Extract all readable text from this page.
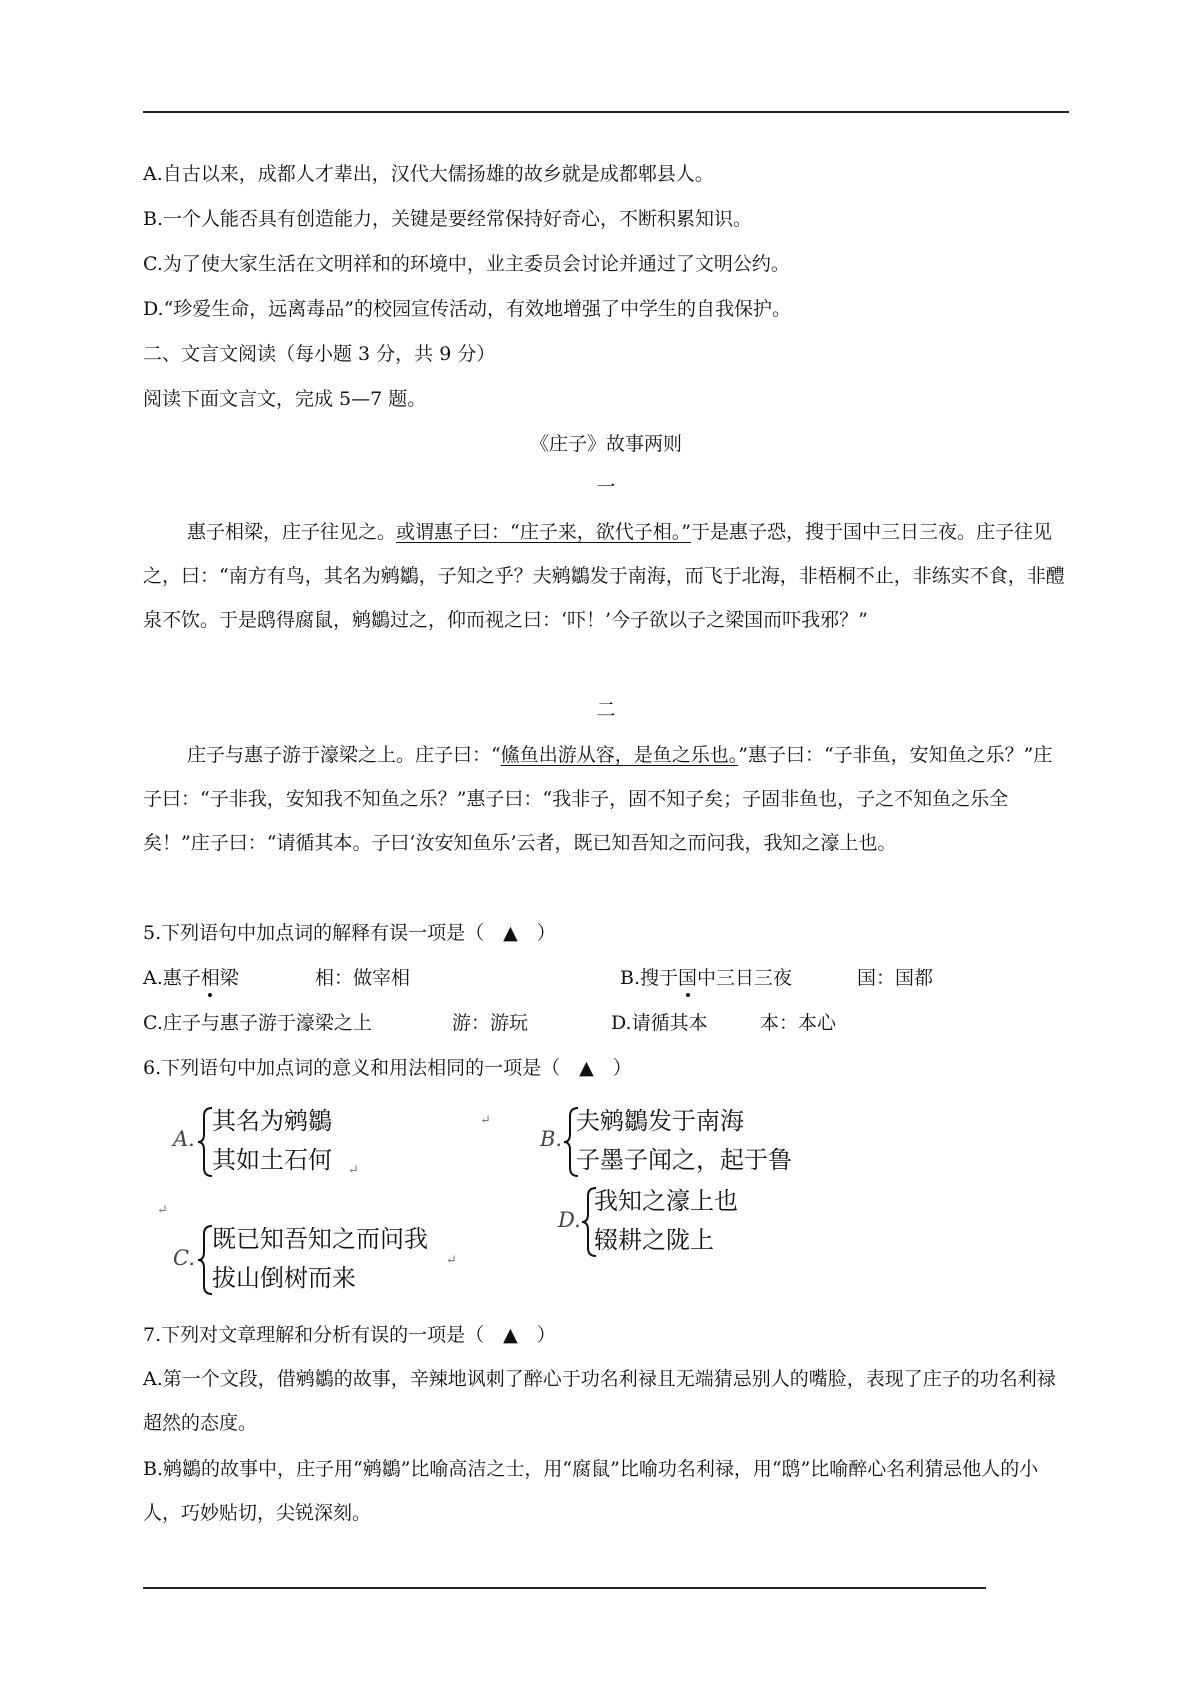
A.自古以来，成都人才辈出，汉代大儒扬雄的故乡就是成都郫县人。
B.一个人能否具有创造能力，关键是要经常保持好奇心，不断积累知识。
C.为了使大家生活在文明祥和的环境中，业主委员会讨论并通过了文明公约。
D.“珍爱生命，远离毒品”的校园宣传活动，有效地增强了中学生的自我保护。
二、文言文阅读（每小题 3 分，共 9 分）
阅读下面文言文，完成 5—7 题。
《庄子》故事两则
一
惠子相梁，庄子往见之。或谓惠子曰：“庄子来，欲代子相。”于是惠子恐，搜于国中三日三夜。庄子往见之，曰：“南方有鸟，其名为鹓鶵，子知之乎？夫鹓鶵发于南海，而飞于北海，非梧桐不止，非练实不食，非醴泉不饮。于是鸱得腐鼠，鹓鶵过之，仰而视之曰：‘吓！’今子欲以子之梁国而吓我邪？”
二
庄子与惠子游于濠梁之上。庄子曰：“鯈鱼出游从容，是鱼之乐也。”惠子曰：“子非鱼，安知鱼之乐？”庄子曰：“子非我，安知我不知鱼之乐？”惠子曰：“我非子，固不知子矣；子固非鱼也，子之不知鱼之乐全矣！”庄子曰：“请循其本。子曰‘汝安知鱼乐’云者，既已知吾知之而问我，我知之濠上也。
5.下列语句中加点词的解释有误一项是（　▲　）
A.惠子相梁	相：做宰相	B.搜于国中三日三夜	国：国都
C.庄子与惠子游于濠梁之上	游：游玩	D.请循其本	本：本心
6.下列语句中加点词的意义和用法相同的一项是（　▲　）
A.
其名为鹓鶵
其如土石何
↵
↵
B.
夫鹓鶵发于南海
子墨子闻之，起于鲁
↵
C.
既已知吾知之而问我
拔山倒树而来
↵
D.
我知之濠上也
辍耕之陇上
7.下列对文章理解和分析有误的一项是（　▲　）
A.第一个文段，借鹓鶵的故事，辛辣地讽刺了醉心于功名利禄且无端猜忌别人的嘴脸，表现了庄子的功名利禄超然的态度。
B.鹓鶵的故事中，庄子用“鹓鶵”比喻高洁之士，用“腐鼠”比喻功名利禄，用“鸱”比喻醉心名利猜忌他人的小人，巧妙贴切，尖锐深刻。
